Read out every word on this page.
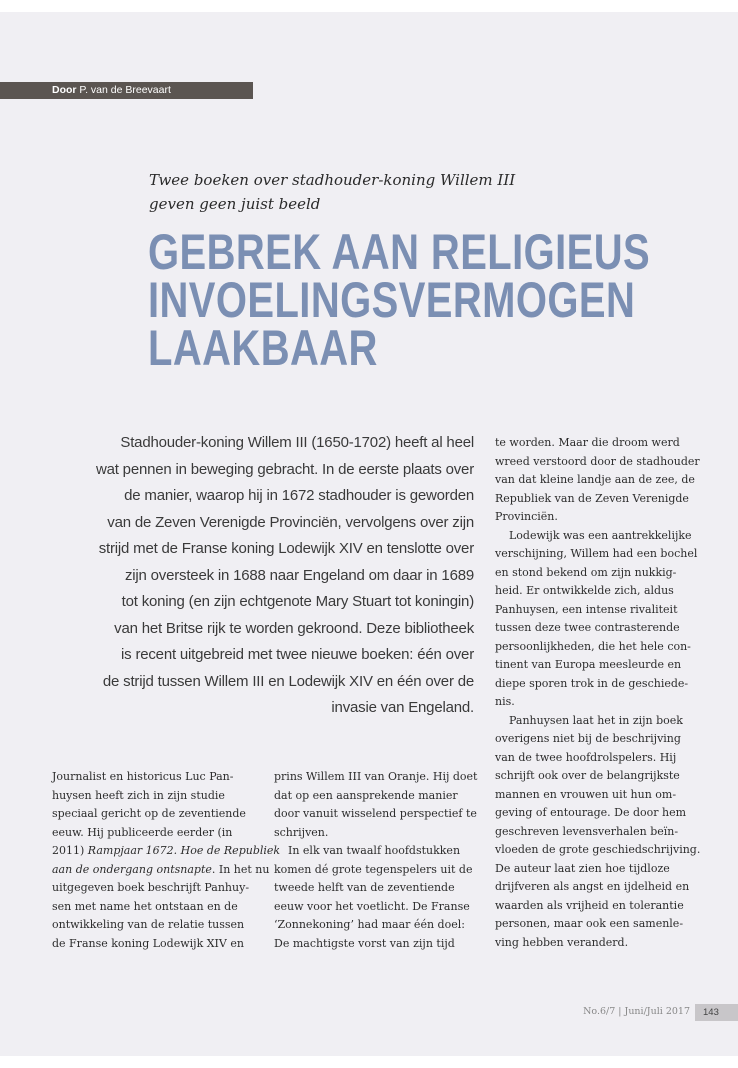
Door P. van de Breevaart
Twee boeken over stadhouder-koning Willem III
geven geen juist beeld
GEBREK AAN RELIGIEUS
INVOELINGSVERMOGEN
LAAKBAAR
Stadhouder-koning Willem III (1650-1702) heeft al heel
wat pennen in beweging gebracht. In de eerste plaats over
de manier, waarop hij in 1672 stadhouder is geworden
van de Zeven Verenigde Provinciën, vervolgens over zijn
strijd met de Franse koning Lodewijk XIV en tenslotte over
zijn oversteek in 1688 naar Engeland om daar in 1689
tot koning (en zijn echtgenote Mary Stuart tot koningin)
van het Britse rijk te worden gekroond. Deze bibliotheek
is recent uitgebreid met twee nieuwe boeken: één over
de strijd tussen Willem III en Lodewijk XIV en één over de
invasie van Engeland.
Journalist en historicus Luc Pan-
huysen heeft zich in zijn studie
speciaal gericht op de zeventiende
eeuw. Hij publiceerde eerder (in
2011) Rampjaar 1672. Hoe de Republiek
aan de ondergang ontsnapte. In het nu
uitgegeven boek beschrijft Panhuy-
sen met name het ontstaan en de
ontwikkeling van de relatie tussen
de Franse koning Lodewijk XIV en
prins Willem III van Oranje. Hij doet
dat op een aansprekende manier
door vanuit wisselend perspectief te
schrijven.
In elk van twaalf hoofdstukken
komen dé grote tegenspelers uit de
tweede helft van de zeventiende
eeuw voor het voetlicht. De Franse
‘Zonnekoning’ had maar één doel:
De machtigste vorst van zijn tijd
te worden. Maar die droom werd
wreed verstoord door de stadhouder
van dat kleine landje aan de zee, de
Republiek van de Zeven Verenigde
Provinciën.
Lodewijk was een aantrekkelijke
verschijning, Willem had een bochel
en stond bekend om zijn nukkig-
heid. Er ontwikkelde zich, aldus
Panhuysen, een intense rivaliteit
tussen deze twee contrasterende
persoonlijkheden, die het hele con-
tinent van Europa meesleurde en
diepe sporen trok in de geschiede-
nis.
Panhuysen laat het in zijn boek
overigens niet bij de beschrijving
van de twee hoofdrolspelers. Hij
schrijft ook over de belangrijkste
mannen en vrouwen uit hun om-
geving of entourage. De door hem
geschreven levensverhalen beïn-
vloeden de grote geschiedschrijving.
De auteur laat zien hoe tijdloze
drijfveren als angst en ijdelheid en
waarden als vrijheid en tolerantie
personen, maar ook een samenle-
ving hebben veranderd.
No.6/7 | Juni/Juli 2017	143
